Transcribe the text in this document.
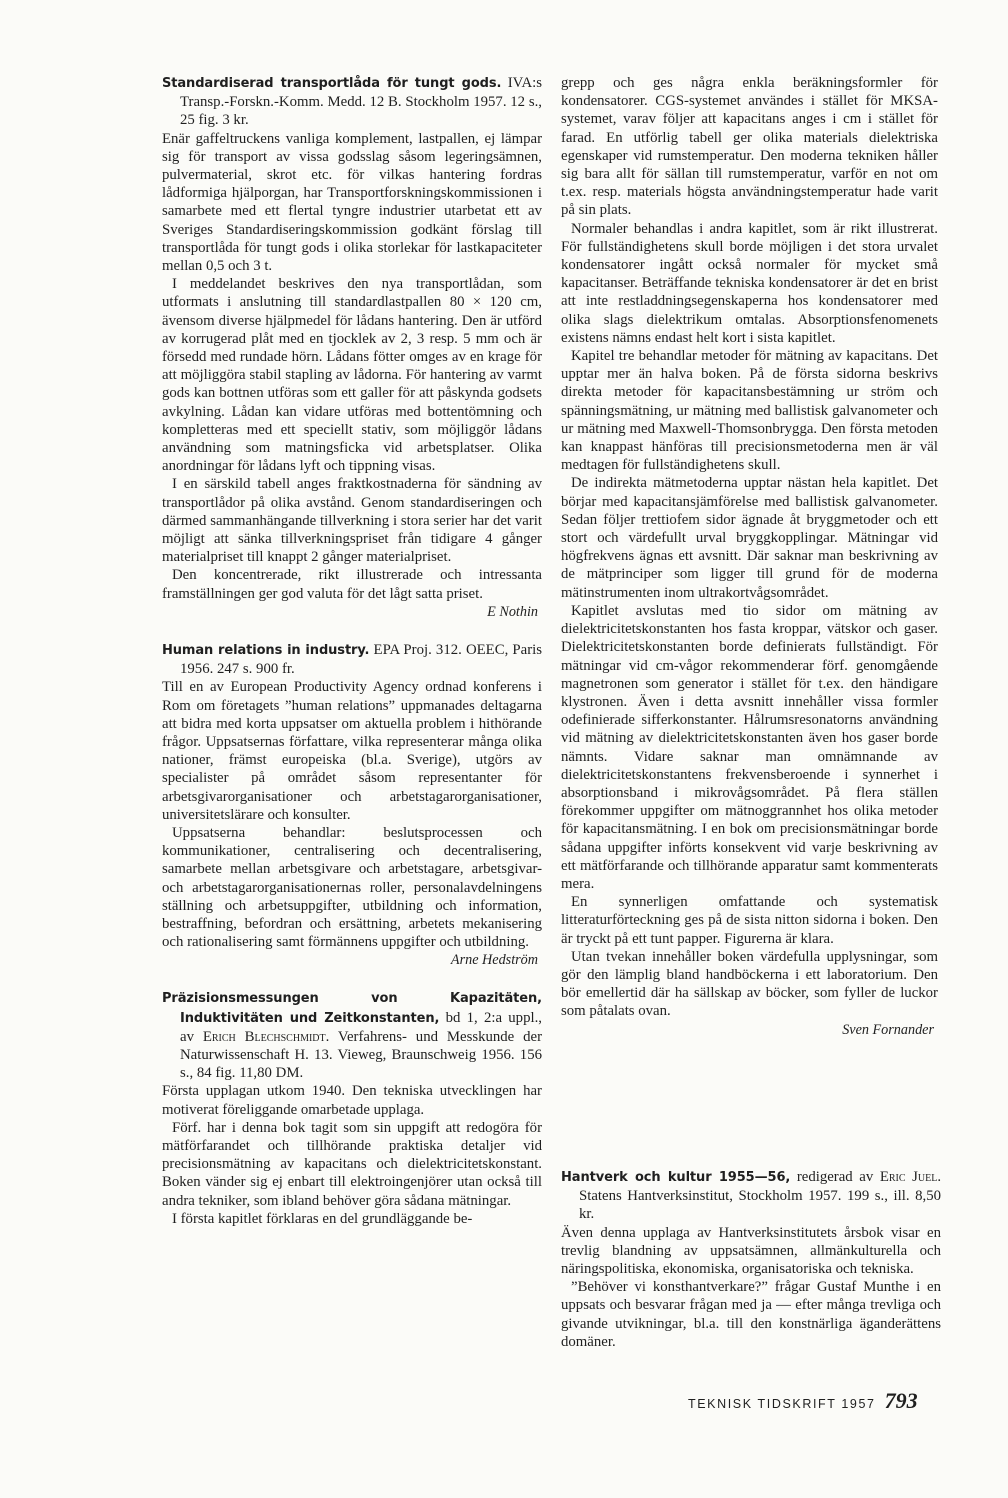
Standardiserad transportlåda för tungt gods. IVA:s Transp.-Forskn.-Komm. Medd. 12 B. Stockholm 1957. 12 s., 25 fig. 3 kr.

Enär gaffeltruckens vanliga komplement, lastpallen, ej lämpar sig för transport av vissa godsslag såsom legeringsämnen, pulvermaterial, skrot etc. för vilkas hantering fordras lådformiga hjälporgan, har Transportforskningskommissionen i samarbete med ett flertal tyngre industrier utarbetat ett av Sveriges Standardiseringskommission godkänt förslag till transportlåda för tungt gods i olika storlekar för lastkapaciteter mellan 0,5 och 3 t.

I meddelandet beskrives den nya transportlådan, som utformats i anslutning till standardlastpallen 80 × 120 cm, ävensom diverse hjälpmedel för lådans hantering. Den är utförd av korrugerad plåt med en tjocklek av 2, 3 resp. 5 mm och är försedd med rundade hörn. Lådans fötter omges av en krage för att möjliggöra stabil stapling av lådorna. För hantering av varmt gods kan bottnen utföras som ett galler för att påskynda godsets avkylning. Lådan kan vidare utföras med bottentömning och kompletteras med ett speciellt stativ, som möjliggör lådans användning som matningsficka vid arbetsplatser. Olika anordningar för lådans lyft och tippning visas.

I en särskild tabell anges fraktkostnaderna för sändning av transportlådor på olika avstånd. Genom standardiseringen och därmed sammanhängande tillverkning i stora serier har det varit möjligt att sänka tillverkningspriset från tidigare 4 gånger materialpriset till knappt 2 gånger materialpriset.

Den koncentrerade, rikt illustrerade och intressanta framställningen ger god valuta för det lågt satta priset.

E Nothin

Human relations in industry. EPA Proj. 312. OEEC, Paris 1956. 247 s. 900 fr.

Till en av European Productivity Agency ordnad konferens i Rom om företagets ”human relations” uppmanades deltagarna att bidra med korta uppsatser om aktuella problem i hithörande frågor. Uppsatsernas författare, vilka representerar många olika nationer, främst europeiska (bl.a. Sverige), utgörs av specialister på området såsom representanter för arbetsgivarorganisationer och arbetstagarorganisationer, universitetslärare och konsulter.

Uppsatserna behandlar: beslutsprocessen och kommunikationer, centralisering och decentralisering, samarbete mellan arbetsgivare och arbetstagare, arbetsgivar- och arbetstagarorganisationernas roller, personalavdelningens ställning och arbetsuppgifter, utbildning och information, bestraffning, befordran och ersättning, arbetets mekanisering och rationalisering samt förmännens uppgifter och utbildning.

Arne Hedström

Präzisionsmessungen von Kapazitäten, Induktivitäten und Zeitkonstanten, bd 1, 2:a uppl., av Erich Blechschmidt. Verfahrens- und Messkunde der Naturwissenschaft H. 13. Vieweg, Braunschweig 1956. 156 s., 84 fig. 11,80 DM.

Första upplagan utkom 1940. Den tekniska utvecklingen har motiverat föreliggande omarbetade upplaga.

Förf. har i denna bok tagit som sin uppgift att redogöra för mätförfarandet och tillhörande praktiska detaljer vid precisionsmätning av kapacitans och dielektricitetskonstant. Boken vänder sig ej enbart till elektroingenjörer utan också till andra tekniker, som ibland behöver göra sådana mätningar.

I första kapitlet förklaras en del grundläggande be-

grepp och ges några enkla beräkningsformler för kondensatorer. CGS-systemet användes i stället för MKSA-systemet, varav följer att kapacitans anges i cm i stället för farad. En utförlig tabell ger olika materials dielektriska egenskaper vid rumstemperatur. Den moderna tekniken håller sig bara allt för sällan till rumstemperatur, varför en not om t.ex. resp. materials högsta användningstemperatur hade varit på sin plats.

Normaler behandlas i andra kapitlet, som är rikt illustrerat. För fullständighetens skull borde möjligen i det stora urvalet kondensatorer ingått också normaler för mycket små kapacitanser. Beträffande tekniska kondensatorer är det en brist att inte restladdningsegenskaperna hos kondensatorer med olika slags dielektrikum omtalas. Absorptionsfenomenets existens nämns endast helt kort i sista kapitlet.

Kapitel tre behandlar metoder för mätning av kapacitans. Det upptar mer än halva boken. På de första sidorna beskrivs direkta metoder för kapacitansbestämning ur ström och spänningsmätning, ur mätning med ballistisk galvanometer och ur mätning med Maxwell-Thomsonbrygga. Den första metoden kan knappast hänföras till precisionsmetoderna men är väl medtagen för fullständighetens skull.

De indirekta mätmetoderna upptar nästan hela kapitlet. Det börjar med kapacitansjämförelse med ballistisk galvanometer. Sedan följer trettiofem sidor ägnade åt bryggmetoder och ett stort och värdefullt urval bryggkopplingar. Mätningar vid högfrekvens ägnas ett avsnitt. Där saknar man beskrivning av de mätprinciper som ligger till grund för de moderna mätinstrumenten inom ultrakortvågsområdet.

Kapitlet avslutas med tio sidor om mätning av dielektricitetskonstanten hos fasta kroppar, vätskor och gaser. Dielektricitetskonstanten borde definierats fullständigt. För mätningar vid cm-vågor rekommenderar förf. genomgående magnetronen som generator i stället för t.ex. den händigare klystronen. Även i detta avsnitt innehåller vissa formler odefinierade sifferkonstanter. Hålrumsresonatorns användning vid mätning av dielektricitetskonstanten även hos gaser borde nämnts. Vidare saknar man omnämnande av dielektricitetskonstantens frekvensberoende i synnerhet i absorptionsband i mikrovågsområdet. På flera ställen förekommer uppgifter om mätnoggrannhet hos olika metoder för kapacitansmätning. I en bok om precisionsmätningar borde sådana uppgifter införts konsekvent vid varje beskrivning av ett mätförfarande och tillhörande apparatur samt kommenterats mera.

En synnerligen omfattande och systematisk litteraturförteckning ges på de sista nitton sidorna i boken. Den är tryckt på ett tunt papper. Figurerna är klara.

Utan tvekan innehåller boken värdefulla upplysningar, som gör den lämplig bland handböckerna i ett laboratorium. Den bör emellertid där ha sällskap av böcker, som fyller de luckor som påtalats ovan.

Sven Fornander

Hantverk och kultur 1955—56, redigerad av Eric Juel. Statens Hantverksinstitut, Stockholm 1957. 199 s., ill. 8,50 kr.

Även denna upplaga av Hantverksinstitutets årsbok visar en trevlig blandning av uppsatsämnen, allmänkulturella och näringspolitiska, ekonomiska, organisatoriska och tekniska.

”Behöver vi konsthantverkare?” frågar Gustaf Munthe i en uppsats och besvarar frågan med ja — efter många trevliga och givande utvikningar, bl.a. till den konstnärliga äganderättens domäner.

TEKNISK TIDSKRIFT 1957 793
